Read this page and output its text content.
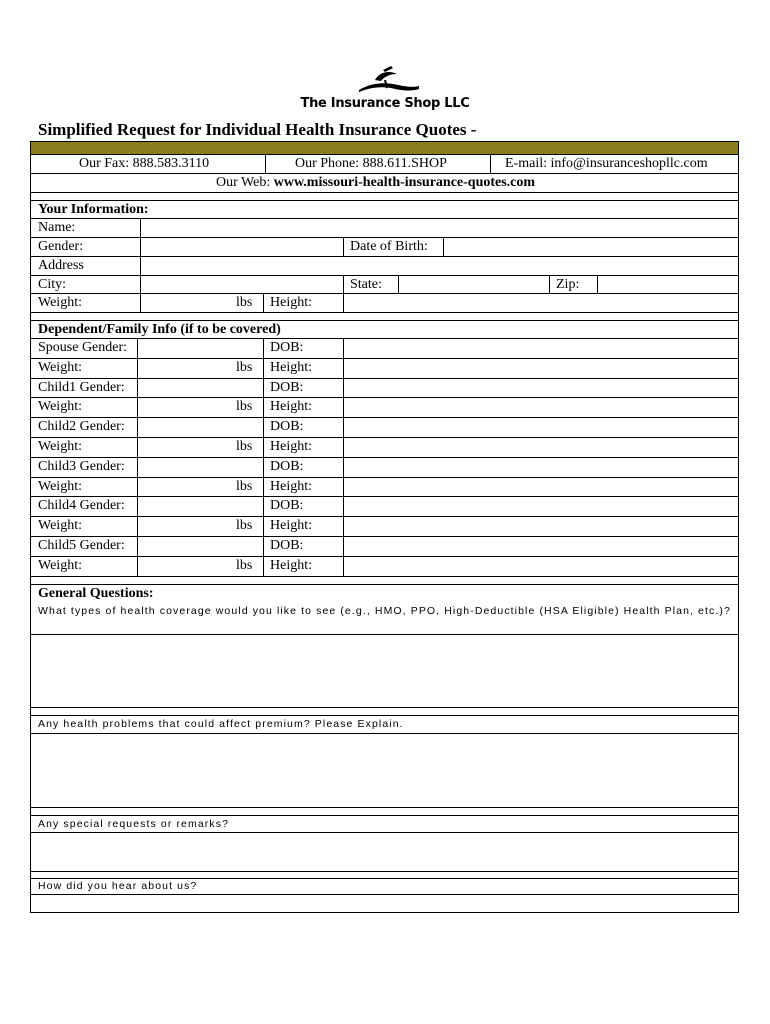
The Insurance Shop LLC
Simplified Request for Individual Health Insurance Quotes -
Our Fax: 888.583.3110	Our Phone: 888.611.SHOP	E-mail: info@insuranceshopllc.com
Our Web: www.missouri-health-insurance-quotes.com
Your Information:
Name:
Gender:	Date of Birth:
Address
City:	State:	Zip:
Weight:	lbs Height:
Dependent/Family Info (if to be covered)
Spouse Gender:	DOB:
Weight:	lbs Height:
Child1 Gender:	DOB:
Weight:	lbs Height:
Child2 Gender:	DOB:
Weight:	lbs Height:
Child3 Gender:	DOB:
Weight:	lbs Height:
Child4 Gender:	DOB:
Weight:	lbs Height:
Child5 Gender:	DOB:
Weight:	lbs Height:
General Questions:
What types of health coverage would you like to see (e.g., HMO, PPO, High-Deductible (HSA Eligible) Health Plan, etc.)?
Any health problems that could affect premium? Please Explain.
Any special requests or remarks?
How did you hear about us?
